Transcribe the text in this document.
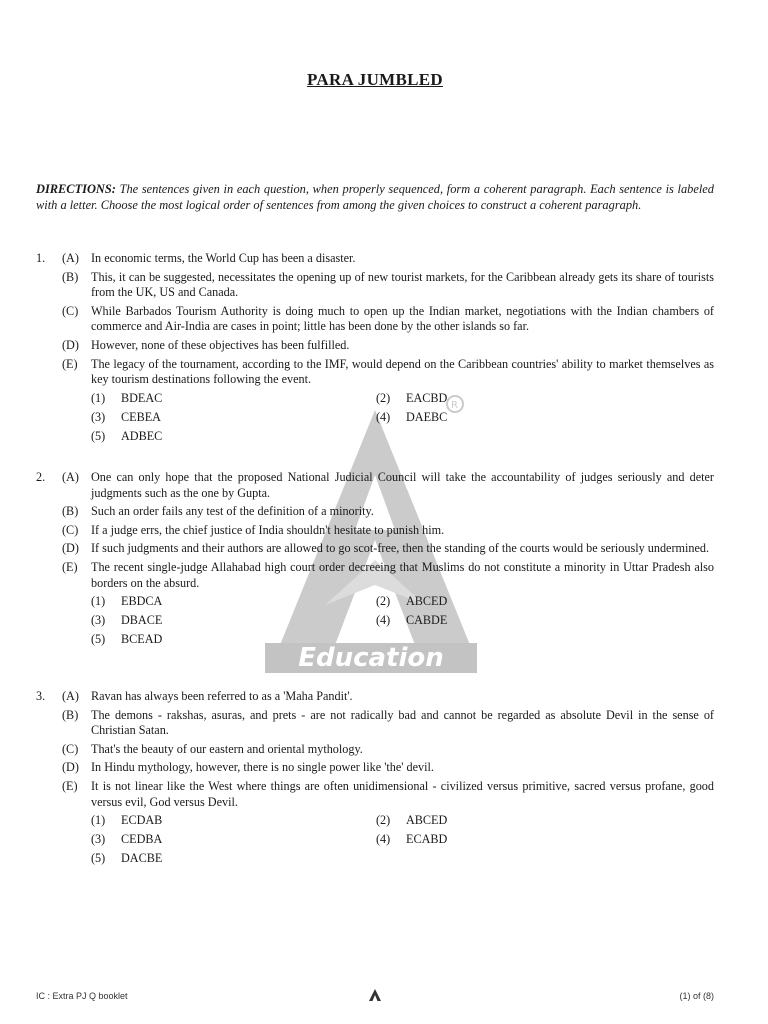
PARA JUMBLED
DIRECTIONS: The sentences given in each question, when properly sequenced, form a coherent paragraph. Each sentence is labeled with a letter. Choose the most logical order of sentences from among the given choices to construct a coherent paragraph.
R
Education
1. (A) In economic terms, the World Cup has been a disaster.
(B) This, it can be suggested, necessitates the opening up of new tourist markets, for the Caribbean already gets its share of tourists from the UK, US and Canada.
(C) While Barbados Tourism Authority is doing much to open up the Indian market, negotiations with the Indian chambers of commerce and Air-India are cases in point; little has been done by the other islands so far.
(D) However, none of these objectives has been fulfilled.
(E) The legacy of the tournament, according to the IMF, would depend on the Caribbean countries' ability to market themselves as key tourism destinations following the event.
(1) BDEAC	(2) EACBD
(3) CEBEA	(4) DAEBC
(5) ADBEC
2. (A) One can only hope that the proposed National Judicial Council will take the accountability of judges seriously and deter judgments such as the one by Gupta.
(B) Such an order fails any test of the definition of a minority.
(C) If a judge errs, the chief justice of India shouldn't hesitate to punish him.
(D) If such judgments and their authors are allowed to go scot-free, then the standing of the courts would be seriously undermined.
(E) The recent single-judge Allahabad high court order decreeing that Muslims do not constitute a minority in Uttar Pradesh also borders on the absurd.
(1) EBDCA	(2) ABCED
(3) DBACE	(4) CABDE
(5) BCEAD
3. (A) Ravan has always been referred to as a 'Maha Pandit'.
(B) The demons - rakshas, asuras, and prets - are not radically bad and cannot be regarded as absolute Devil in the sense of Christian Satan.
(C) That's the beauty of our eastern and oriental mythology.
(D) In Hindu mythology, however, there is no single power like 'the' devil.
(E) It is not linear like the West where things are often unidimensional - civilized versus primitive, sacred versus profane, good versus evil, God versus Devil.
(1) ECDAB	(2) ABCED
(3) CEDBA	(4) ECABD
(5) DACBE
IC : Extra PJ Q booklet	(1) of (8)
